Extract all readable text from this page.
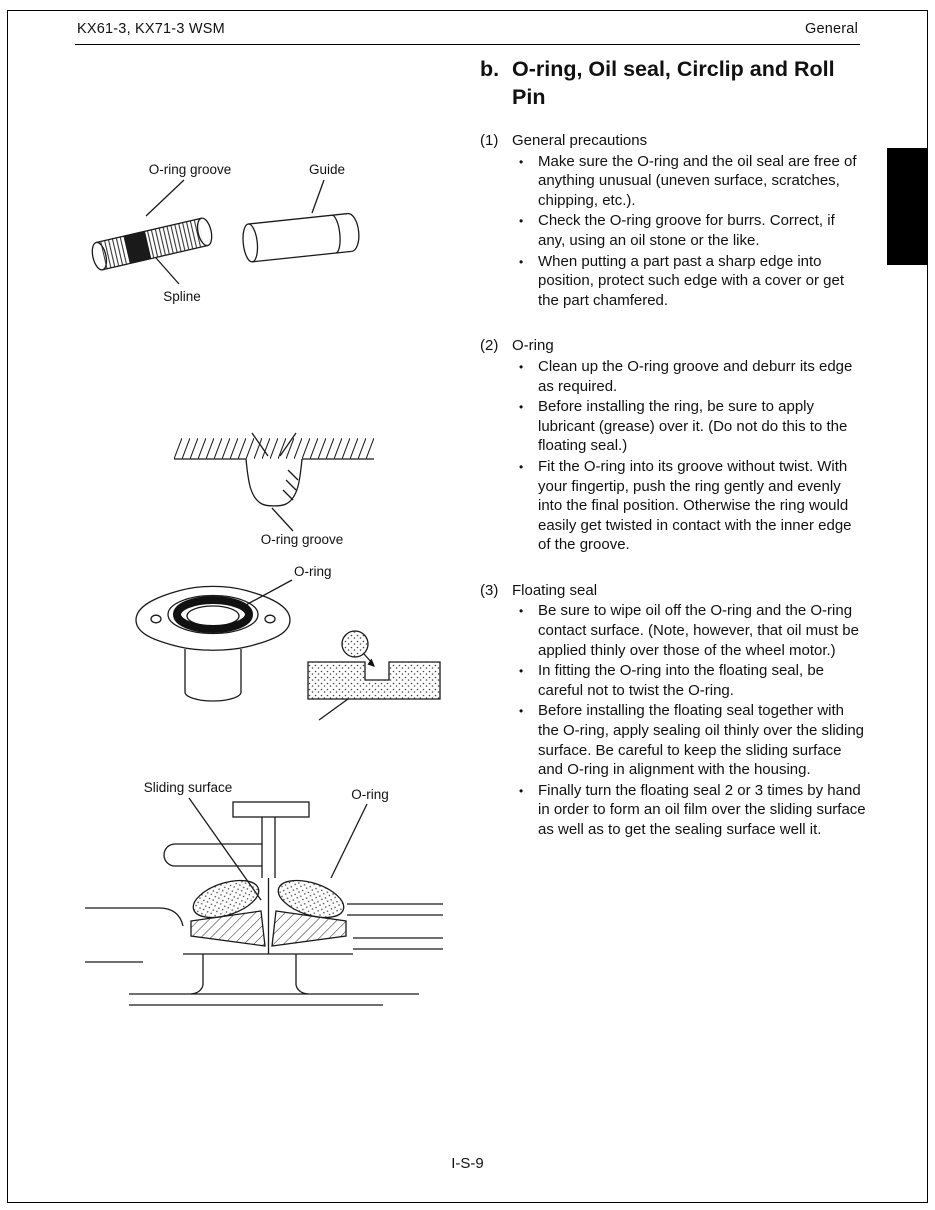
KX61-3, KX71-3 WSM	General
O-ring groove	Guide
Spline
O-ring groove
O-ring
Sliding surface	O-ring
b. O-ring, Oil seal, Circlip and Roll Pin
(1) General precautions
• Make sure the O-ring and the oil seal are free of anything unusual (uneven surface, scratches, chipping, etc.).
• Check the O-ring groove for burrs. Correct, if any, using an oil stone or the like.
• When putting a part past a sharp edge into position, protect such edge with a cover or get the part chamfered.
(2) O-ring
• Clean up the O-ring groove and deburr its edge as required.
• Before installing the ring, be sure to apply lubricant (grease) over it. (Do not do this to the floating seal.)
• Fit the O-ring into its groove without twist. With your fingertip, push the ring gently and evenly into the final position. Otherwise the ring would easily get twisted in contact with the inner edge of the groove.
(3) Floating seal
• Be sure to wipe oil off the O-ring and the O-ring contact surface. (Note, however, that oil must be applied thinly over those of the wheel motor.)
• In fitting the O-ring into the floating seal, be careful not to twist the O-ring.
• Before installing the floating seal together with the O-ring, apply sealing oil thinly over the sliding surface. Be careful to keep the sliding surface and O-ring in alignment with the housing.
• Finally turn the floating seal 2 or 3 times by hand in order to form an oil film over the sliding surface as well as to get the sealing surface well it.
I-S-9
